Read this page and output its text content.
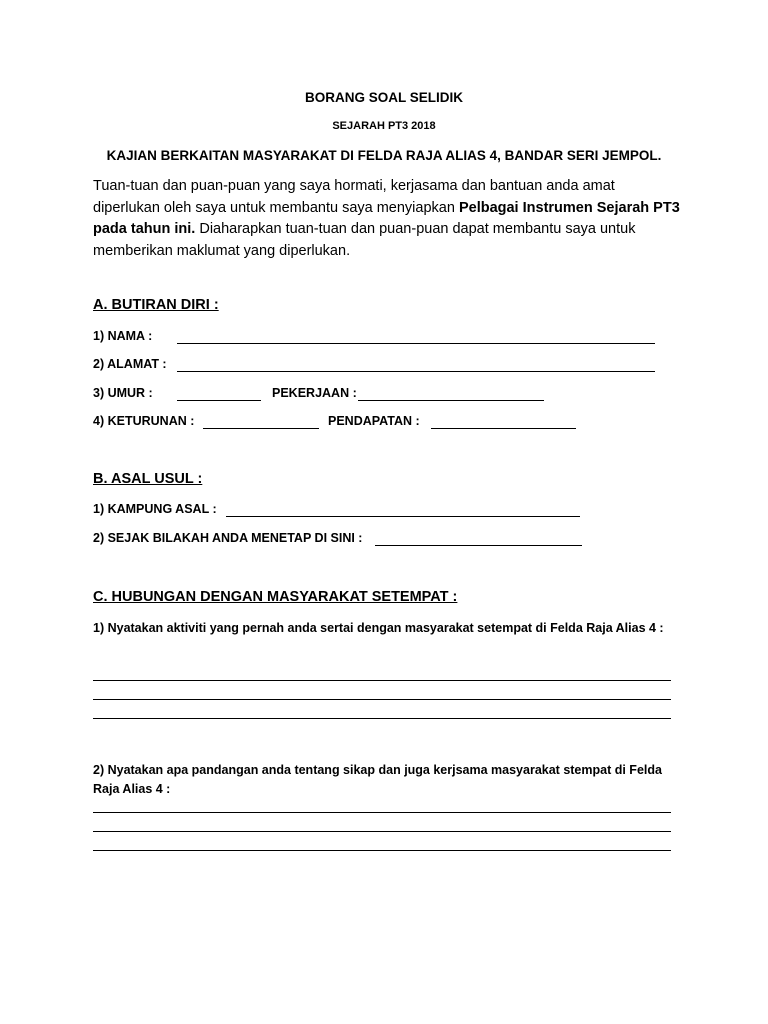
BORANG SOAL SELIDIK
SEJARAH PT3 2018
KAJIAN BERKAITAN MASYARAKAT DI FELDA RAJA ALIAS 4, BANDAR SERI JEMPOL.
Tuan-tuan dan puan-puan yang saya hormati, kerjasama dan bantuan anda amat diperlukan oleh saya untuk membantu saya menyiapkan Pelbagai Instrumen Sejarah PT3 pada tahun ini. Diaharapkan tuan-tuan dan puan-puan dapat membantu saya untuk memberikan maklumat yang diperlukan.
A. BUTIRAN DIRI :
1) NAMA :
2) ALAMAT :
3) UMUR :	PEKERJAAN :
4) KETURUNAN :	PENDAPATAN :
B. ASAL USUL :
1) KAMPUNG ASAL :
2) SEJAK BILAKAH ANDA MENETAP DI SINI :
C. HUBUNGAN DENGAN MASYARAKAT SETEMPAT :
1) Nyatakan aktiviti yang pernah anda sertai dengan masyarakat setempat di Felda Raja Alias 4 :
2) Nyatakan apa pandangan anda tentang sikap dan juga kerjsama masyarakat stempat di Felda Raja Alias 4 :
